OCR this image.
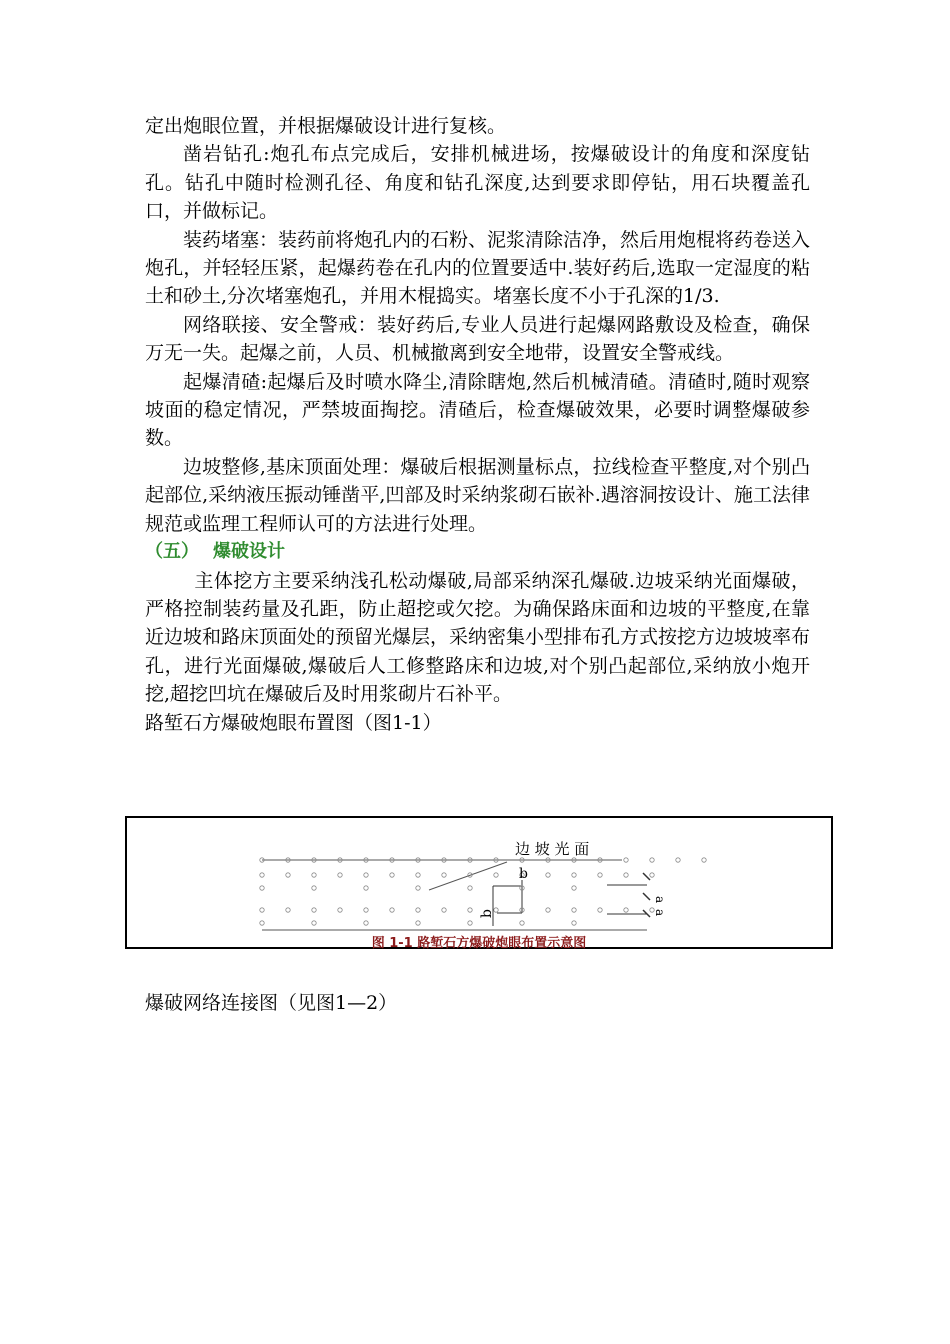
定出炮眼位置，并根据爆破设计进行复核。

凿岩钻孔:炮孔布点完成后，安排机械进场，按爆破设计的角度和深度钻孔。钻孔中随时检测孔径、角度和钻孔深度,达到要求即停钻，用石块覆盖孔口，并做标记。

装药堵塞：装药前将炮孔内的石粉、泥浆清除洁净，然后用炮棍将药卷送入炮孔，并轻轻压紧，起爆药卷在孔内的位置要适中.装好药后,选取一定湿度的粘土和砂土,分次堵塞炮孔，并用木棍捣实。堵塞长度不小于孔深的1/3.

网络联接、安全警戒：装好药后,专业人员进行起爆网路敷设及检查，确保万无一失。起爆之前，人员、机械撤离到安全地带，设置安全警戒线。

起爆清碴:起爆后及时喷水降尘,清除瞎炮,然后机械清碴。清碴时,随时观察坡面的稳定情况，严禁坡面掏挖。清碴后，检查爆破效果，必要时调整爆破参数。

边坡整修,基床顶面处理：爆破后根据测量标点，拉线检查平整度,对个别凸起部位,采纳液压振动锤凿平,凹部及时采纳浆砌石嵌补.遇溶洞按设计、施工法律规范或监理工程师认可的方法进行处理。

（五） 爆破设计

主体挖方主要采纳浅孔松动爆破,局部采纳深孔爆破.边坡采纳光面爆破，严格控制装药量及孔距，防止超挖或欠挖。为确保路床面和边坡的平整度,在靠近边坡和路床顶面处的预留光爆层，采纳密集小型排布孔方式按挖方边坡坡率布孔，进行光面爆破,爆破后人工修整路床和边坡,对个别凸起部位,采纳放小炮开挖,超挖凹坑在爆破后及时用浆砌片石补平。

路堑石方爆破炮眼布置图（图1-1）

边 坡 光 面
b
b
a
a
图 1-1 路堑石方爆破炮眼布置示意图
爆破网络连接图（见图1—2）
